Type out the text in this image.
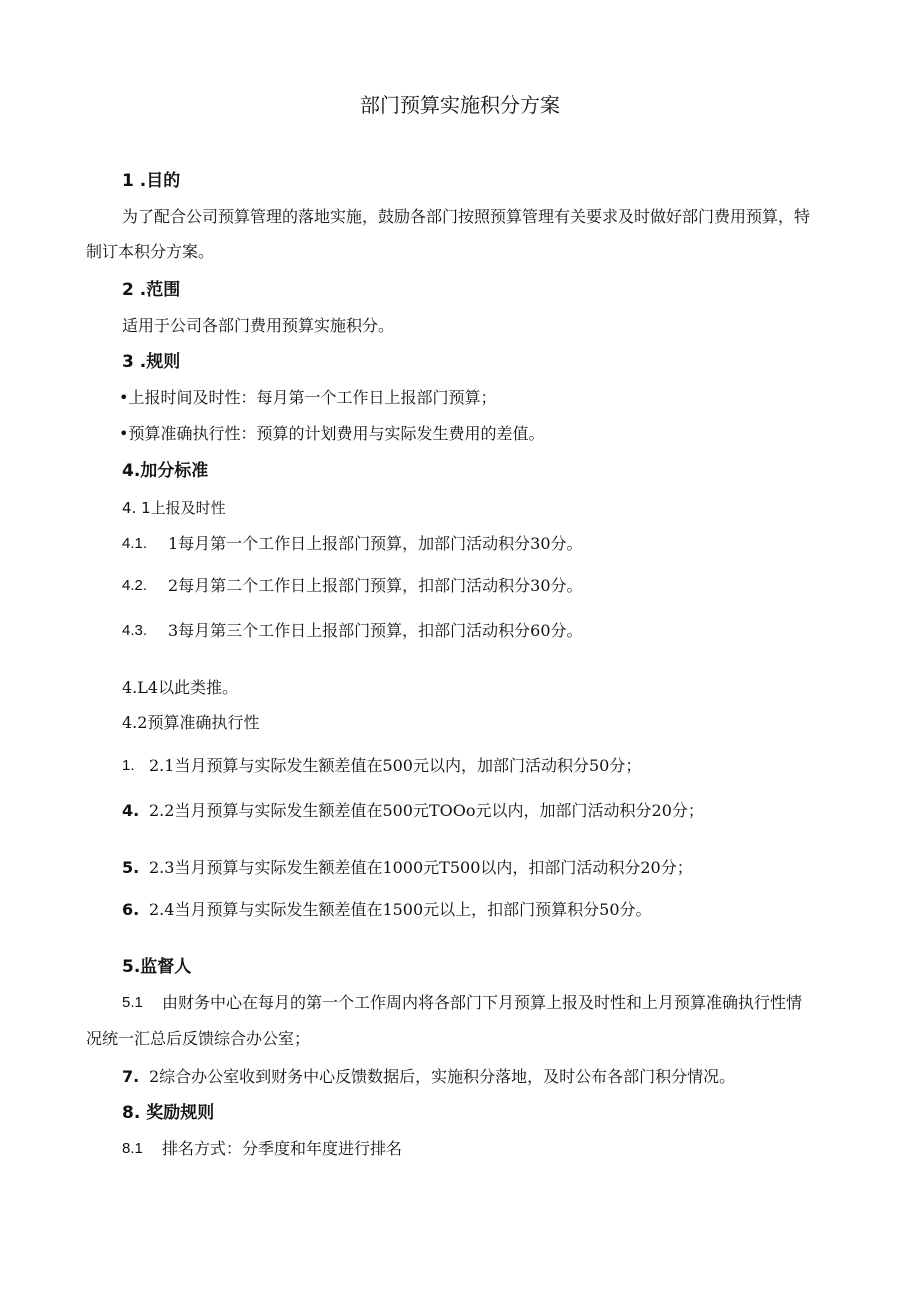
部门预算实施积分方案
1 .目的
为了配合公司预算管理的落地实施，鼓励各部门按照预算管理有关要求及时做好部门费用预算，特
制订本积分方案。
2 .范围
适用于公司各部门费用预算实施积分。
3 .规则
•上报时间及时性：每月第一个工作日上报部门预算；
•预算准确执行性：预算的计划费用与实际发生费用的差值。
4.加分标准
4. 1上报及时性
4.1. 1每月第一个工作日上报部门预算，加部门活动积分30分。
4.2. 2每月第二个工作日上报部门预算，扣部门活动积分30分。
4.3. 3每月第三个工作日上报部门预算，扣部门活动积分60分。
4.L4以此类推。
4.2预算准确执行性
1. 2.1当月预算与实际发生额差值在500元以内，加部门活动积分50分；
4. 2.2当月预算与实际发生额差值在500元TOOo元以内，加部门活动积分20分；
5. 2.3当月预算与实际发生额差值在1000元T500以内，扣部门活动积分20分；
6. 2.4当月预算与实际发生额差值在1500元以上，扣部门预算积分50分。
5.监督人
5.1 由财务中心在每月的第一个工作周内将各部门下月预算上报及时性和上月预算准确执行性情
况统一汇总后反馈综合办公室；
7. 2综合办公室收到财务中心反馈数据后，实施积分落地，及时公布各部门积分情况。
8. 奖励规则
8.1 排名方式：分季度和年度进行排名
